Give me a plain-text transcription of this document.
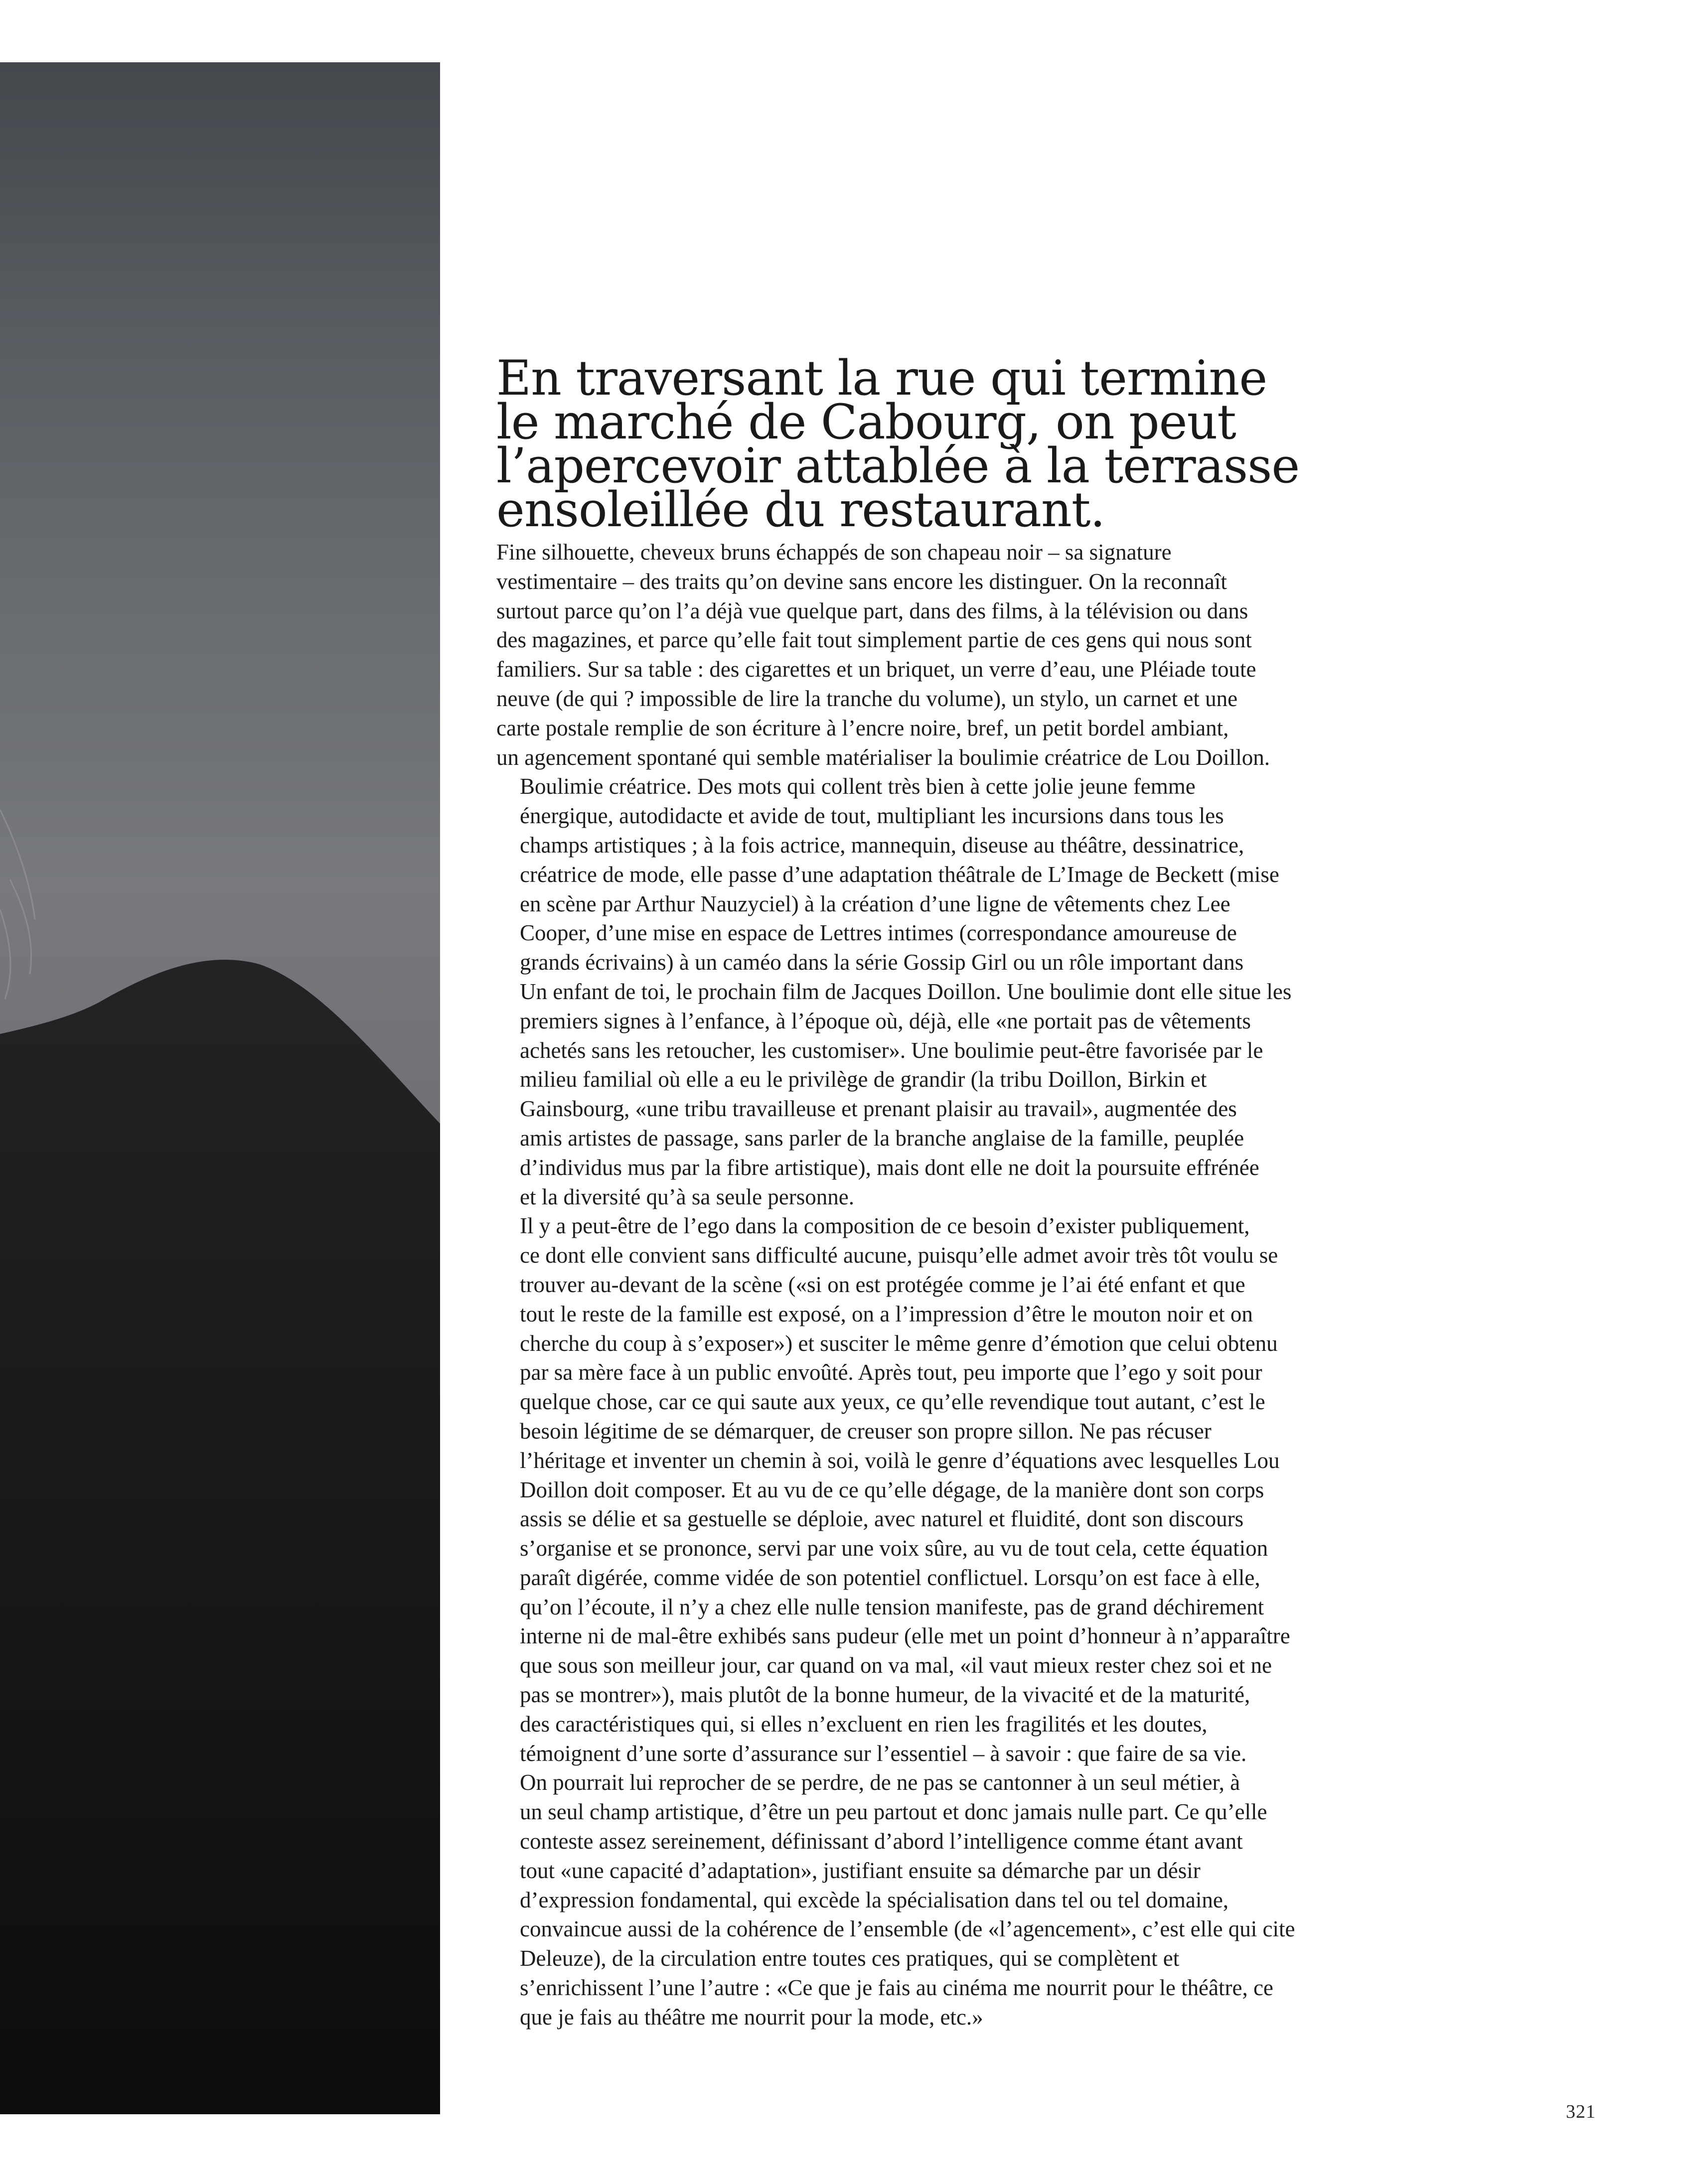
En traversant la rue qui termine
le marché de Cabourg, on peut
l’apercevoir attablée à la terrasse
ensoleillée du restaurant.

Fine silhouette, cheveux bruns échappés de son chapeau noir – sa signature
vestimentaire – des traits qu’on devine sans encore les distinguer. On la reconnaît
surtout parce qu’on l’a déjà vue quelque part, dans des films, à la télévision ou dans
des magazines, et parce qu’elle fait tout simplement partie de ces gens qui nous sont
familiers. Sur sa table : des cigarettes et un briquet, un verre d’eau, une Pléiade toute
neuve (de qui ? impossible de lire la tranche du volume), un stylo, un carnet et une
carte postale remplie de son écriture à l’encre noire, bref, un petit bordel ambiant,
un agencement spontané qui semble matérialiser la boulimie créatrice de Lou Doillon.

Boulimie créatrice. Des mots qui collent très bien à cette jolie jeune femme
énergique, autodidacte et avide de tout, multipliant les incursions dans tous les
champs artistiques ; à la fois actrice, mannequin, diseuse au théâtre, dessinatrice,
créatrice de mode, elle passe d’une adaptation théâtrale de L’Image de Beckett (mise
en scène par Arthur Nauzyciel) à la création d’une ligne de vêtements chez Lee
Cooper, d’une mise en espace de Lettres intimes (correspondance amoureuse de
grands écrivains) à un caméo dans la série Gossip Girl ou un rôle important dans
Un enfant de toi, le prochain film de Jacques Doillon. Une boulimie dont elle situe les
premiers signes à l’enfance, à l’époque où, déjà, elle «ne portait pas de vêtements
achetés sans les retoucher, les customiser». Une boulimie peut-être favorisée par le
milieu familial où elle a eu le privilège de grandir (la tribu Doillon, Birkin et
Gainsbourg, «une tribu travailleuse et prenant plaisir au travail», augmentée des
amis artistes de passage, sans parler de la branche anglaise de la famille, peuplée
d’individus mus par la fibre artistique), mais dont elle ne doit la poursuite effrénée
et la diversité qu’à sa seule personne.

Il y a peut-être de l’ego dans la composition de ce besoin d’exister publiquement,
ce dont elle convient sans difficulté aucune, puisqu’elle admet avoir très tôt voulu se
trouver au-devant de la scène («si on est protégée comme je l’ai été enfant et que
tout le reste de la famille est exposé, on a l’impression d’être le mouton noir et on
cherche du coup à s’exposer») et susciter le même genre d’émotion que celui obtenu
par sa mère face à un public envoûté. Après tout, peu importe que l’ego y soit pour
quelque chose, car ce qui saute aux yeux, ce qu’elle revendique tout autant, c’est le
besoin légitime de se démarquer, de creuser son propre sillon. Ne pas récuser
l’héritage et inventer un chemin à soi, voilà le genre d’équations avec lesquelles Lou
Doillon doit composer. Et au vu de ce qu’elle dégage, de la manière dont son corps
assis se délie et sa gestuelle se déploie, avec naturel et fluidité, dont son discours
s’organise et se prononce, servi par une voix sûre, au vu de tout cela, cette équation
paraît digérée, comme vidée de son potentiel conflictuel. Lorsqu’on est face à elle,
qu’on l’écoute, il n’y a chez elle nulle tension manifeste, pas de grand déchirement
interne ni de mal-être exhibés sans pudeur (elle met un point d’honneur à n’apparaître
que sous son meilleur jour, car quand on va mal, «il vaut mieux rester chez soi et ne
pas se montrer»), mais plutôt de la bonne humeur, de la vivacité et de la maturité,
des caractéristiques qui, si elles n’excluent en rien les fragilités et les doutes,
témoignent d’une sorte d’assurance sur l’essentiel – à savoir : que faire de sa vie.

On pourrait lui reprocher de se perdre, de ne pas se cantonner à un seul métier, à
un seul champ artistique, d’être un peu partout et donc jamais nulle part. Ce qu’elle
conteste assez sereinement, définissant d’abord l’intelligence comme étant avant
tout «une capacité d’adaptation», justifiant ensuite sa démarche par un désir
d’expression fondamental, qui excède la spécialisation dans tel ou tel domaine,
convaincue aussi de la cohérence de l’ensemble (de «l’agencement», c’est elle qui cite
Deleuze), de la circulation entre toutes ces pratiques, qui se complètent et
s’enrichissent l’une l’autre : «Ce que je fais au cinéma me nourrit pour le théâtre, ce
que je fais au théâtre me nourrit pour la mode, etc.»

321
